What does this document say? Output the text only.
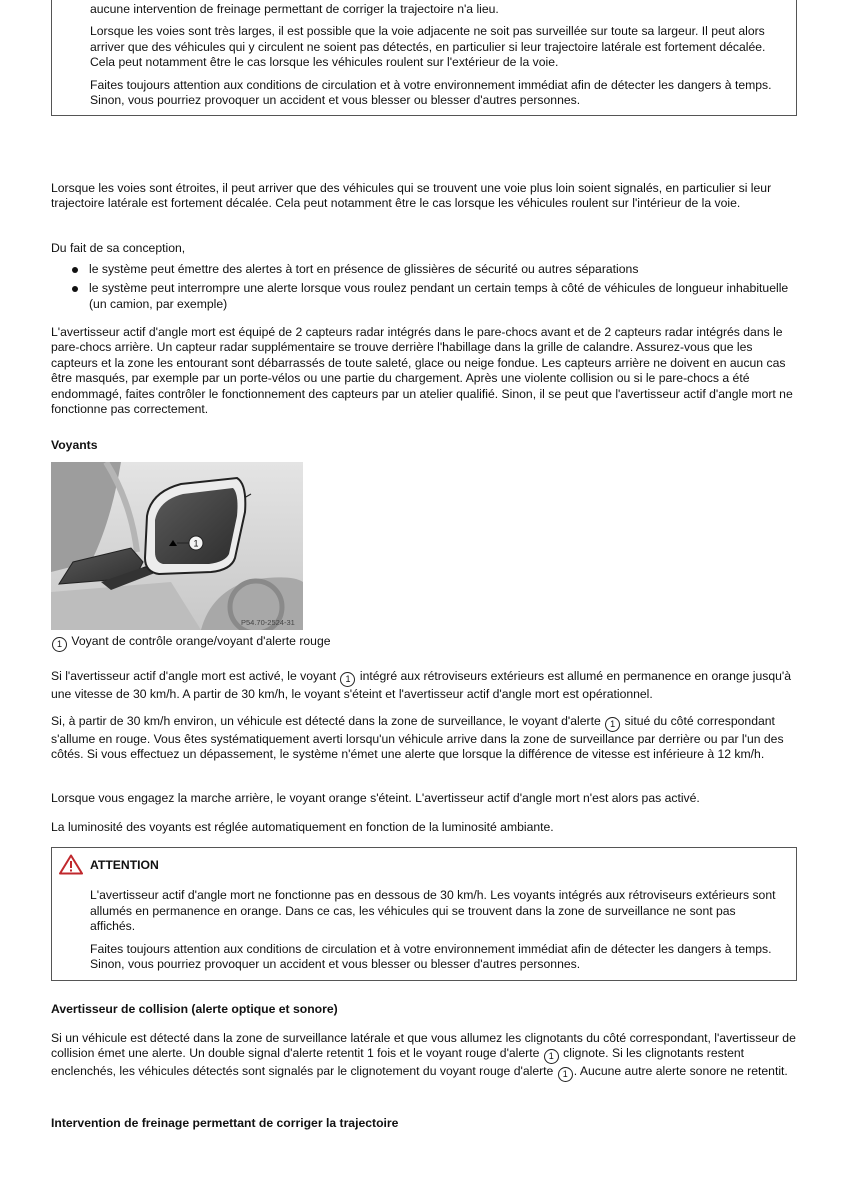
aucune intervention de freinage permettant de corriger la trajectoire n'a lieu.

Lorsque les voies sont très larges, il est possible que la voie adjacente ne soit pas surveillée sur toute sa largeur. Il peut alors arriver que des véhicules qui y circulent ne soient pas détectés, en particulier si leur trajectoire latérale est fortement décalée. Cela peut notamment être le cas lorsque les véhicules roulent sur l'extérieur de la voie.

Faites toujours attention aux conditions de circulation et à votre environnement immédiat afin de détecter les dangers à temps. Sinon, vous pourriez provoquer un accident et vous blesser ou blesser d'autres personnes.

Lorsque les voies sont étroites, il peut arriver que des véhicules qui se trouvent une voie plus loin soient signalés, en particulier si leur trajectoire latérale est fortement décalée. Cela peut notamment être le cas lorsque les véhicules roulent sur l'intérieur de la voie.

Du fait de sa conception,

le système peut émettre des alertes à tort en présence de glissières de sécurité ou autres séparations
le système peut interrompre une alerte lorsque vous roulez pendant un certain temps à côté de véhicules de longueur inhabituelle (un camion, par exemple)

L'avertisseur actif d'angle mort est équipé de 2 capteurs radar intégrés dans le pare-chocs avant et de 2 capteurs radar intégrés dans le pare-chocs arrière. Un capteur radar supplémentaire se trouve derrière l'habillage dans la grille de calandre. Assurez-vous que les capteurs et la zone les entourant sont débarrassés de toute saleté, glace ou neige fondue. Les capteurs arrière ne doivent en aucun cas être masqués, par exemple par un porte-vélos ou une partie du chargement. Après une violente collision ou si le pare-chocs a été endommagé, faites contrôler le fonctionnement des capteurs par un atelier qualifié. Sinon, il se peut que l'avertisseur actif d'angle mort ne fonctionne pas correctement.

Voyants

1
P54.70-2524-31

1 Voyant de contrôle orange/voyant d'alerte rouge

Si l'avertisseur actif d'angle mort est activé, le voyant 1 intégré aux rétroviseurs extérieurs est allumé en permanence en orange jusqu'à une vitesse de 30 km/h. A partir de 30 km/h, le voyant s'éteint et l'avertisseur actif d'angle mort est opérationnel.

Si, à partir de 30 km/h environ, un véhicule est détecté dans la zone de surveillance, le voyant d'alerte 1 situé du côté correspondant s'allume en rouge. Vous êtes systématiquement averti lorsqu'un véhicule arrive dans la zone de surveillance par derrière ou par l'un des côtés. Si vous effectuez un dépassement, le système n'émet une alerte que lorsque la différence de vitesse est inférieure à 12 km/h.

Lorsque vous engagez la marche arrière, le voyant orange s'éteint. L'avertisseur actif d'angle mort n'est alors pas activé.

La luminosité des voyants est réglée automatiquement en fonction de la luminosité ambiante.

ATTENTION

L'avertisseur actif d'angle mort ne fonctionne pas en dessous de 30 km/h. Les voyants intégrés aux rétroviseurs extérieurs sont allumés en permanence en orange. Dans ce cas, les véhicules qui se trouvent dans la zone de surveillance ne sont pas affichés.

Faites toujours attention aux conditions de circulation et à votre environnement immédiat afin de détecter les dangers à temps. Sinon, vous pourriez provoquer un accident et vous blesser ou blesser d'autres personnes.

Avertisseur de collision (alerte optique et sonore)

Si un véhicule est détecté dans la zone de surveillance latérale et que vous allumez les clignotants du côté correspondant, l'avertisseur de collision émet une alerte. Un double signal d'alerte retentit 1 fois et le voyant rouge d'alerte 1 clignote. Si les clignotants restent enclenchés, les véhicules détectés sont signalés par le clignotement du voyant rouge d'alerte 1 . Aucune autre alerte sonore ne retentit.

Intervention de freinage permettant de corriger la trajectoire
